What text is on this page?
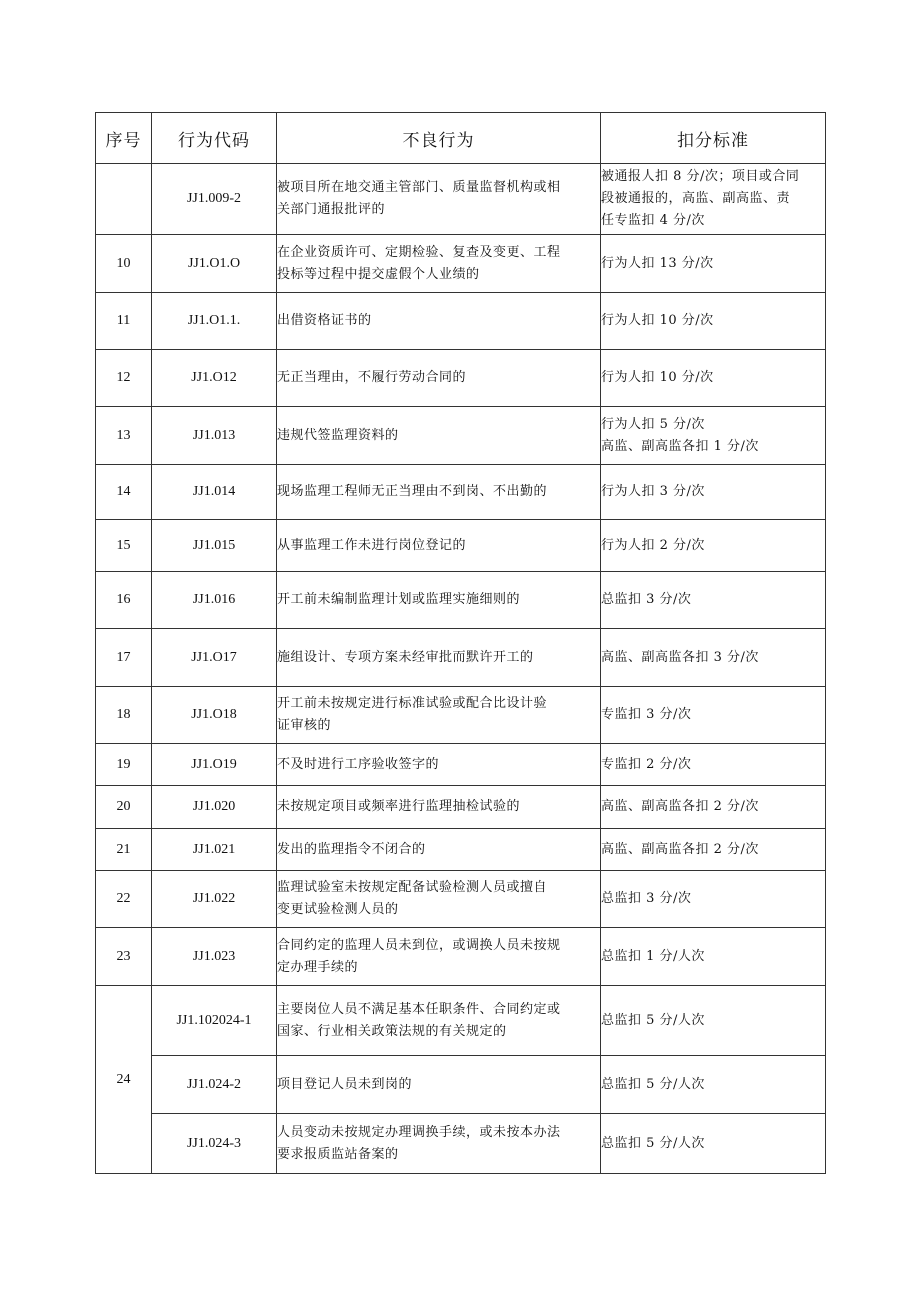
序号	行为代码	不良行为	扣分标准
	JJ1.009-2	被项目所在地交通主管部门、质量监督机构或相
关部门通报批评的	被通报人扣 8 分/次；项目或合同
段被通报的，高监、副高监、责
任专监扣 4 分/次

10	JJ1.O1.O	在企业资质许可、定期检验、复查及变更、工程
投标等过程中提交虚假个人业绩的	行为人扣 13 分/次

11	JJ1.O1.1.	出借资格证书的	行为人扣 10 分/次

12	JJ1.O12	无正当理由，不履行劳动合同的	行为人扣 10 分/次

13	JJ1.013	违规代签监理资料的	行为人扣 5 分/次
高监、副高监各扣 1 分/次

14	JJ1.014	现场监理工程师无正当理由不到岗、不出勤的	行为人扣 3 分/次

15	JJ1.015	从事监理工作未进行岗位登记的	行为人扣 2 分/次

16	JJ1.016	开工前未编制监理计划或监理实施细则的	总监扣 3 分/次

17	JJ1.O17	施组设计、专项方案未经审批而默许开工的	高监、副高监各扣 3 分/次

18	JJ1.O18	开工前未按规定进行标准试验或配合比设计验
证审核的	专监扣 3 分/次

19	JJ1.O19	不及时进行工序验收签字的	专监扣 2 分/次

20	JJ1.020	未按规定项目或频率进行监理抽检试验的	高监、副高监各扣 2 分/次

21	JJ1.021	发出的监理指令不闭合的	高监、副高监各扣 2 分/次

22	JJ1.022	监理试验室未按规定配备试验检测人员或擅自
变更试验检测人员的	总监扣 3 分/次

23	JJ1.023	合同约定的监理人员未到位，或调换人员未按规
定办理手续的	总监扣 1 分/人次

24	JJ1.102024-1	主要岗位人员不满足基本任职条件、合同约定或
国家、行业相关政策法规的有关规定的	总监扣 5 分/人次

	JJ1.024-2	项目登记人员未到岗的	总监扣 5 分/人次

	JJ1.024-3	人员变动未按规定办理调换手续，或未按本办法
要求报质监站备案的	总监扣 5 分/人次
